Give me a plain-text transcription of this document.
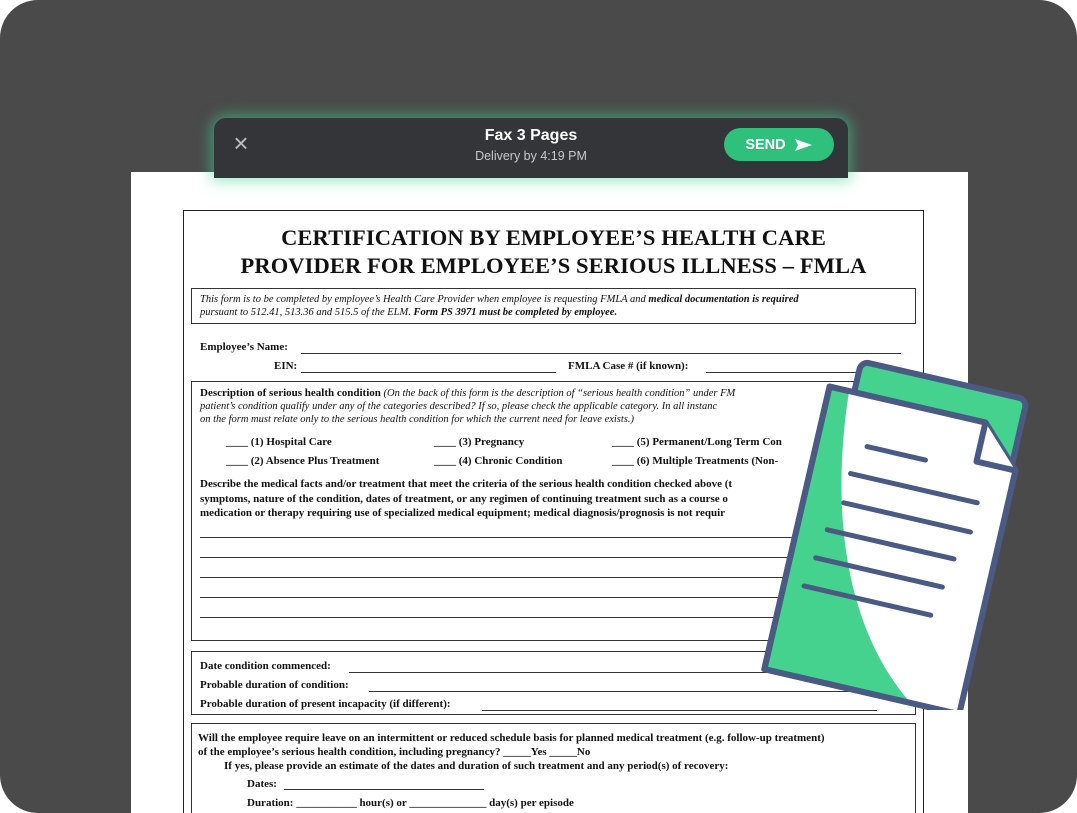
CERTIFICATION BY EMPLOYEE’S HEALTH CARE
PROVIDER FOR EMPLOYEE’S SERIOUS ILLNESS – FMLA
This form is to be completed by employee’s Health Care Provider when employee is requesting FMLA and medical documentation is required
pursuant to 512.41, 513.36 and 515.5 of the ELM. Form PS 3971 must be completed by employee.
Employee’s Name:
EIN:	FMLA Case # (if known):
Description of serious health condition (On the back of this form is the description of “serious health condition” under FM
patient’s condition qualify under any of the categories described? If so, please check the applicable category. In all instanc
on the form must relate only to the serious health condition for which the current need for leave exists.)
____ (1) Hospital Care
____ (2) Absence Plus Treatment
____ (3) Pregnancy
____ (4) Chronic Condition
____ (5) Permanent/Long Term Con
____ (6) Multiple Treatments (Non-
Describe the medical facts and/or treatment that meet the criteria of the serious health condition checked above (t
symptoms, nature of the condition, dates of treatment, or any regimen of continuing treatment such as a course o
medication or therapy requiring use of specialized medical equipment; medical diagnosis/prognosis is not requir
Date condition commenced:
Probable duration of condition:
Probable duration of present incapacity (if different):
Will the employee require leave on an intermittent or reduced schedule basis for planned medical treatment (e.g. follow-up treatment)
of the employee’s serious health condition, including pregnancy? _____Yes _____No
If yes, please provide an estimate of the dates and duration of such treatment and any period(s) of recovery:
Dates:
Duration: ___________ hour(s) or ______________ day(s) per episode
×	Fax 3 Pages
Delivery by 4:19 PM
SEND
